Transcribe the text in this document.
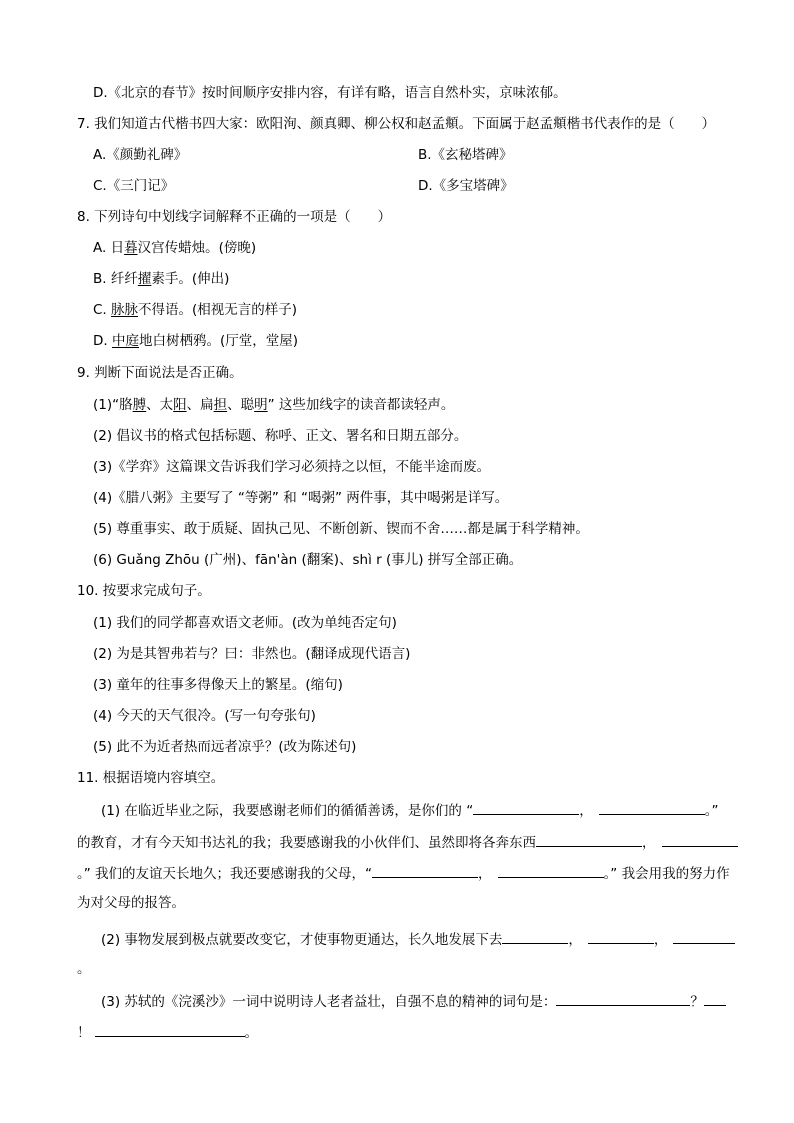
D.《北京的春节》按时间顺序安排内容，有详有略，语言自然朴实，京味浓郁。
7. 我们知道古代楷书四大家：欧阳洵、颜真卿、柳公权和赵孟頫。下面属于赵孟頫楷书代表作的是（　　）
A.《颜勤礼碑》	B.《玄秘塔碑》
C.《三门记》	D.《多宝塔碑》
8. 下列诗句中划线字词解释不正确的一项是（　　）
A. 日暮汉宫传蜡烛。(傍晚)
B. 纤纤擢素手。(伸出)
C. 脉脉不得语。(相视无言的样子)
D. 中庭地白树栖鸦。(厅堂，堂屋)
9. 判断下面说法是否正确。
(1)“胳膊、太阳、扁担、聪明” 这些加线字的读音都读轻声。
(2) 倡议书的格式包括标题、称呼、正文、署名和日期五部分。
(3)《学弈》这篇课文告诉我们学习必须持之以恒，不能半途而废。
(4)《腊八粥》主要写了 “等粥” 和 “喝粥” 两件事，其中喝粥是详写。
(5) 尊重事实、敢于质疑、固执己见、不断创新、锲而不舍……都是属于科学精神。
(6) Guǎng Zhōu (广州)、fān'àn (翻案)、shì r (事儿) 拼写全部正确。
10. 按要求完成句子。
(1) 我们的同学都喜欢语文老师。(改为单纯否定句)
(2) 为是其智弗若与？曰：非然也。(翻译成现代语言)
(3) 童年的往事多得像天上的繁星。(缩句)
(4) 今天的天气很冷。(写一句夸张句)
(5) 此不为近者热而远者凉乎？(改为陈述句)
11. 根据语境内容填空。
(1) 在临近毕业之际，我要感谢老师们的循循善诱，是你们的 “	，	。”
的教育，才有今天知书达礼的我；我要感谢我的小伙伴们、虽然即将各奔东西	，
。” 我们的友谊天长地久；我还要感谢我的父母，“	，	。” 我会用我的努力作
为对父母的报答。
(2) 事物发展到极点就要改变它，才使事物更通达，长久地发展下去	，	，
。
(3) 苏轼的《浣溪沙》一词中说明诗人老者益壮，自强不息的精神的词句是：	？
！	。
